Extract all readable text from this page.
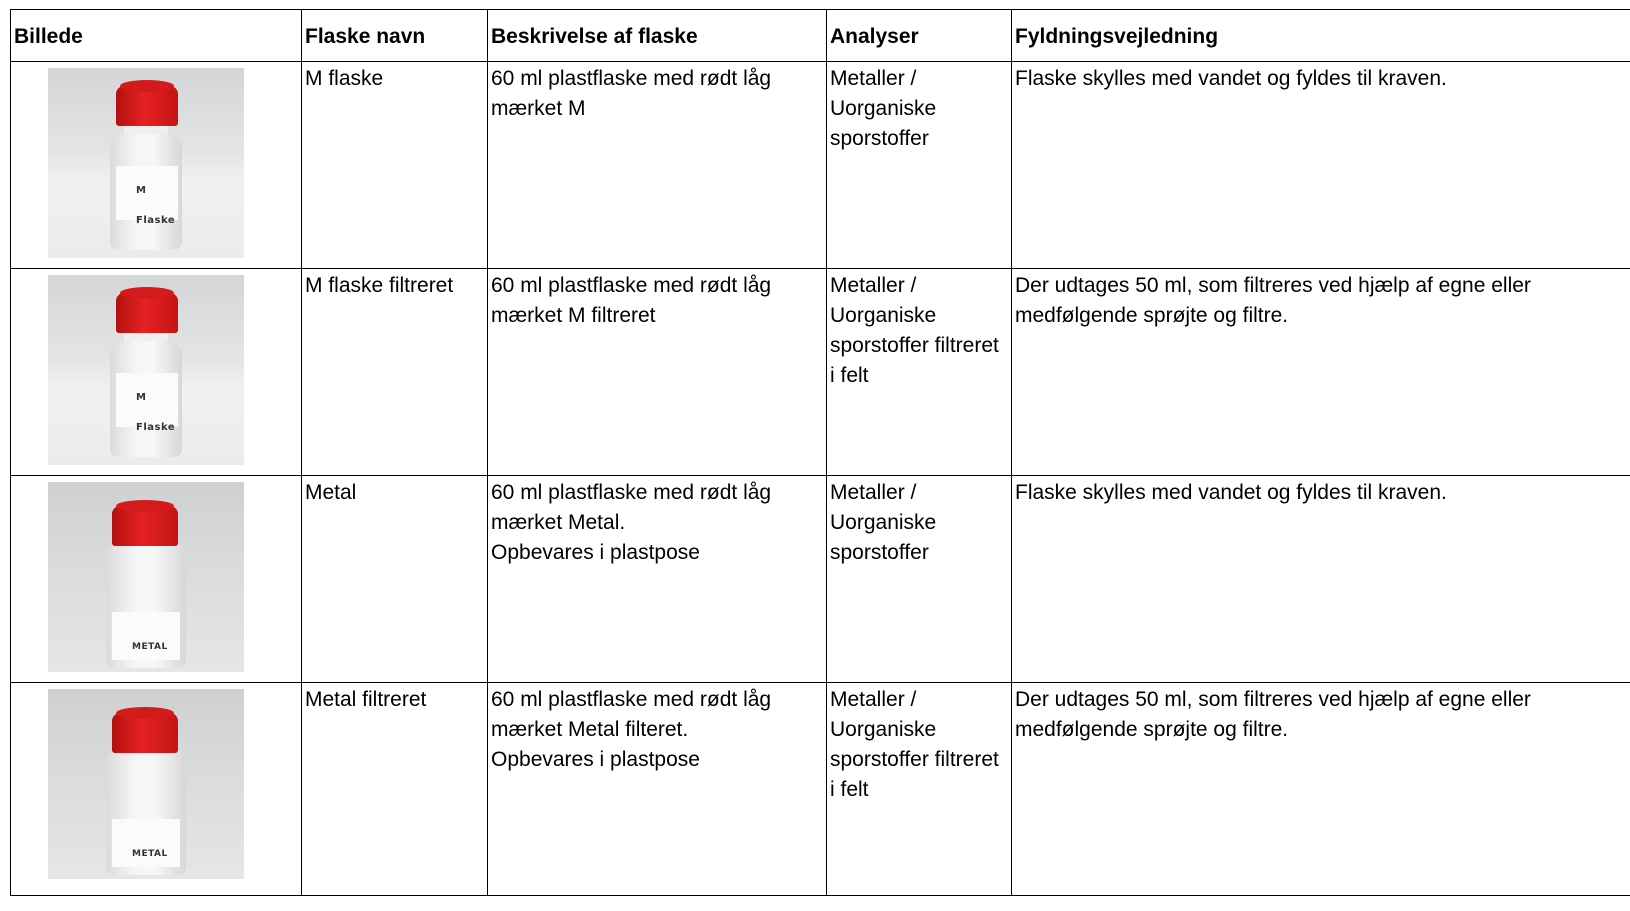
Billede	Flaske navn	Beskrivelse af flaske	Analyser	Fyldningsvejledning

M Flaske	M flaske	60 ml plastflaske med rødt låg
mærket M	Metaller /
Uorganiske
sporstoffer	Flaske skylles med vandet og fyldes til kraven.

M Flaske	M flaske filtreret	60 ml plastflaske med rødt låg
mærket M filtreret	Metaller /
Uorganiske
sporstoffer filtreret
i felt	Der udtages 50 ml, som filtreres ved hjælp af egne eller
medfølgende sprøjte og filtre.

METAL	Metal	60 ml plastflaske med rødt låg
mærket Metal.
Opbevares i plastpose	Metaller /
Uorganiske
sporstoffer	Flaske skylles med vandet og fyldes til kraven.

METAL	Metal filtreret	60 ml plastflaske med rødt låg
mærket Metal filteret.
Opbevares i plastpose	Metaller /
Uorganiske
sporstoffer filtreret
i felt	Der udtages 50 ml, som filtreres ved hjælp af egne eller
medfølgende sprøjte og filtre.
